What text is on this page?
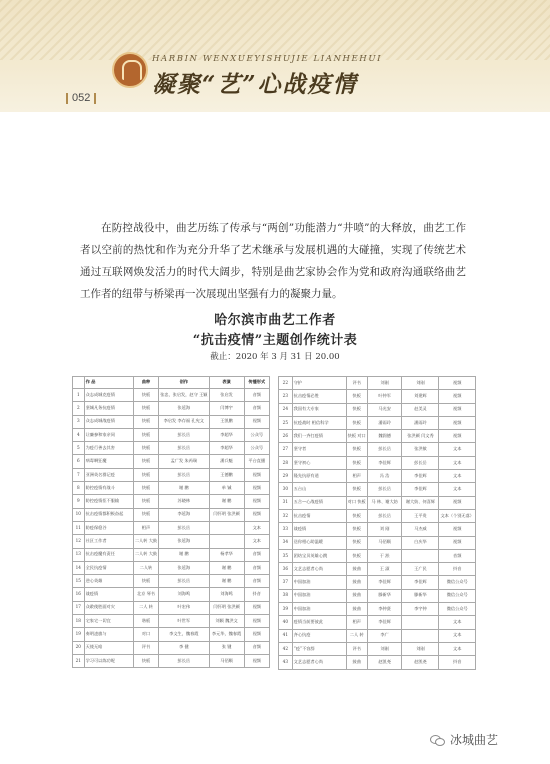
HARBIN WENXUEYISHUJIE LIANHEHUI
凝聚“艺”心战疫情
052

在防控战役中，曲艺历练了传承与“两创”功能潜力“井喷”的大释放，曲艺工作者以空前的热忱和作为充分升华了艺术继承与发展机遇的大碰撞，实现了传统艺术通过互联网焕发活力的时代大阔步，特别是曲艺家协会作为党和政府沟通联络曲艺工作者的纽带与桥梁再一次展现出坚强有力的凝聚力量。

哈尔滨市曲艺工作者
“抗击疫情”主题创作统计表
截止：2020 年 3 月 31 日 20.00
	作 品	曲种	创作	表演	传播形式
1	众志成城克疫情	快板	张忠，张启发，赵守 王颖	张启发	音频
2	坚城凡务抗疫情	快板	张延海	闫博宇	音频
3	众志成城战疫情	快板	李启发 李存福 孔宪文	王凯鹏	视频
4	让廉参和家亲同	快板	彭长岳	李超华	公众号
5	为疫行善去其害	快板	彭长岳	李超华	公众号
6	病毒啊狂魔	快板	孟广发 朱芮瑞	潘兵魁	平台直播
7	亚洲英名群记疫	快板	彭长岳	王德鹏	视频
8	防控疫情有战斗	快板	谢 鹏	单 铖	视频
9	防控疫情拒不服输	快板	苏晓林	谢 鹏	视频
10	抗击疫情都积极奋起	快板	李延海	闫怀明 张洪颜	视频
11	防疫保稳谷	相声	彭长岳		文本
12	社区工作者	二人转 大鼓	张延海		文本
13	抗击疫魔有责任	二人转 大鼓	谢 鹏	杨孝华	音频
14	全民抗疫情	二人转	张延海	谢 鹏	音频
15	逆心英雄	快板	彭长岳	谢 鹏	音频
16	战疫情	北京 琴书	刘海鸣	刘海鸣	抖音
17	众敢使胜面对灾	二人 转	叶宏伟	闫怀明 张洪颜	视频
18	宅家宅一切宜	谐板	叶世军	刘颖 魏洪文	视频
19	奏明凌旗与	对口	李文生，魏春霞	李元华，魏春霞	视频
20	天使无暗	评书	李 健	张 键	音频
21	学习可以练功呢	快板	彭长岳	马佰顺	视频
22	守护	评书	刘刚	刘刚	视频
23	抗击疫情必胜	快板	叶仲军	刘建辉	视频
24	我国有大专家	快板	马光安	赵美灵	视频
25	抗疫战时 相信科学	快板	潘雨玲	潘雨玲	视频
26	我们一齐打疫情	快板 对口	魏润德	张洪颜 闫文秀	视频
27	坚守者	快板	彭长岳	张洪敏	文本
28	坚守初心	快板	李佳辉	彭长岳	文本
29	隆先抗原有道	相声	冯 浩	李佳辉	文本
30	五台山	快板	彭长岳	李佳辉	文本
31	五合—心战疫情	对口 快板	马 林、谢大妨	谢大妨、何喜辉	视频
32	抗击疫情	快板	彭长岳	王平贵	文本（个别无落）
33	战疫情	快板	刘 刚	马杰威	视频
34	送你相心助温暖	快板	马佰顺	白庆华	视频
35	团结宝贝英雄心跳	快板	于 淞		音频
36	文艺志愿者心尚	鼓曲	王 淑	王广民	抖音
37	中国加油	鼓曲	李佳辉	李佳辉	微信公众号
38	中国加油	鼓曲	滕新华	滕新华	微信公众号
39	中国加油	鼓曲	李仲贤	李宇仲	微信公众号
40	疫情当前要彼此	相声	李佳辉		文本
41	齐心抗疫	二人 转	李广		文本
42	“疫”不容辞	评书	刘刚	刘刚	文本
43	文艺志愿者心尚	鼓曲	赵凯尧	赵凯尧	抖音
冰城曲艺
